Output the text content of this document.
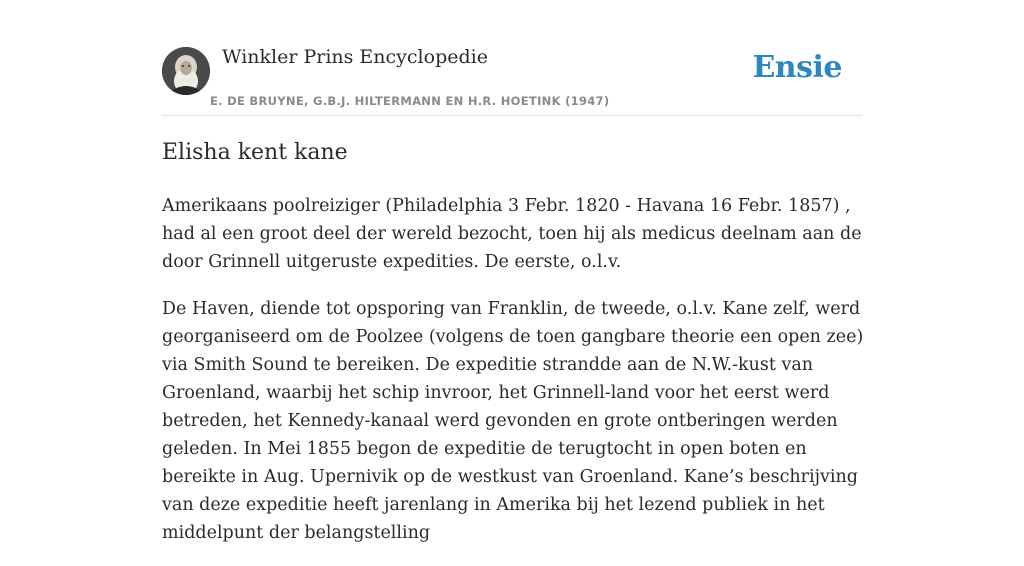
Winkler Prins Encyclopedie
E. DE BRUYNE, G.B.J. HILTERMANN EN H.R. HOETINK (1947)
Ensie
Elisha kent kane

Amerikaans poolreiziger (Philadelphia 3 Febr. 1820 - Havana 16 Febr. 1857) , had al een groot deel der wereld bezocht, toen hij als medicus deelnam aan de door Grinnell uitgeruste expedities. De eerste, o.l.v.

De Haven, diende tot opsporing van Franklin, de tweede, o.l.v. Kane zelf, werd georganiseerd om de Poolzee (volgens de toen gangbare theorie een open zee) via Smith Sound te bereiken. De expeditie strandde aan de N.W.-kust van Groenland, waarbij het schip invroor, het Grinnell-land voor het eerst werd betreden, het Kennedy-kanaal werd gevonden en grote ontberingen werden geleden. In Mei 1855 begon de expeditie de terugtocht in open boten en bereikte in Aug. Upernivik op de westkust van Groenland. Kane’s beschrijving van deze expeditie heeft jarenlang in Amerika bij het lezend publiek in het middelpunt der belangstelling
